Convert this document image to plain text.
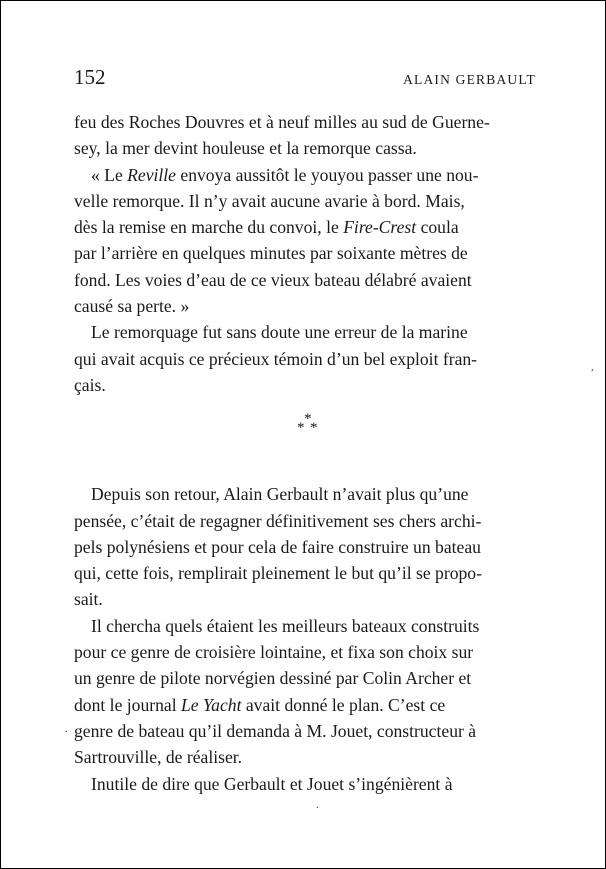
152	ALAIN GERBAULT

feu des Roches Douvres et à neuf milles au sud de Guerne-
sey, la mer devint houleuse et la remorque cassa.

« Le Reville envoya aussitôt le youyou passer une nou-
velle remorque. Il n’y avait aucune avarie à bord. Mais,
dès la remise en marche du convoi, le Fire-Crest coula
par l’arrière en quelques minutes par soixante mètres de
fond. Les voies d’eau de ce vieux bateau délabré avaient
causé sa perte. »

Le remorquage fut sans doute une erreur de la marine
qui avait acquis ce précieux témoin d’un bel exploit fran-
çais.

*
* *

Depuis son retour, Alain Gerbault n’avait plus qu’une
pensée, c’était de regagner définitivement ses chers archi-
pels polynésiens et pour cela de faire construire un bateau
qui, cette fois, remplirait pleinement le but qu’il se propo-
sait.

Il chercha quels étaient les meilleurs bateaux construits
pour ce genre de croisière lointaine, et fixa son choix sur
un genre de pilote norvégien dessiné par Colin Archer et
dont le journal Le Yacht avait donné le plan. C’est ce
genre de bateau qu’il demanda à M. Jouet, constructeur à
Sartrouville, de réaliser.

Inutile de dire que Gerbault et Jouet s’ingénièrent à

,
.
.
